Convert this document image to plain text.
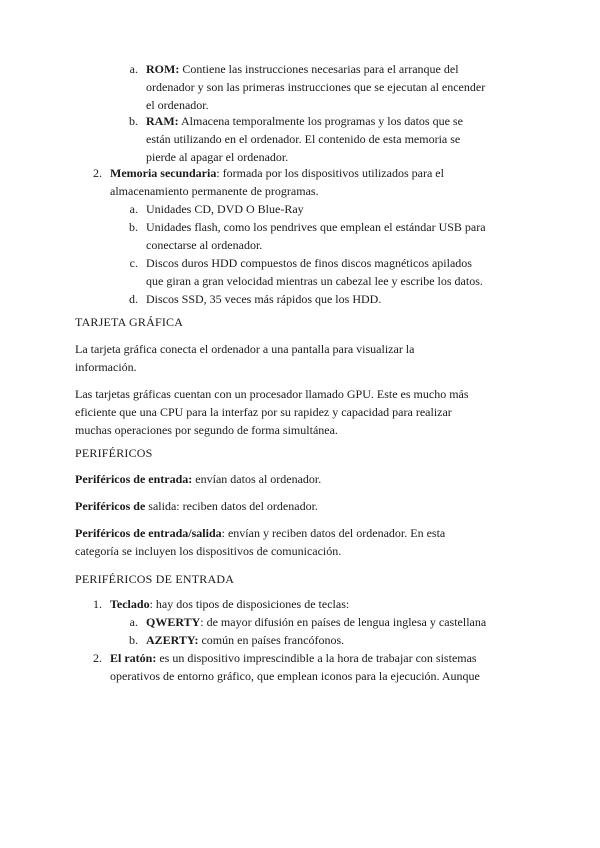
a. ROM: Contiene las instrucciones necesarias para el arranque del
ordenador y son las primeras instrucciones que se ejecutan al encender
el ordenador.
b. RAM: Almacena temporalmente los programas y los datos que se
están utilizando en el ordenador. El contenido de esta memoria se
pierde al apagar el ordenador.
2. Memoria secundaria: formada por los dispositivos utilizados para el
almacenamiento permanente de programas.
a. Unidades CD, DVD O Blue-Ray
b. Unidades flash, como los pendrives que emplean el estándar USB para
conectarse al ordenador.
c. Discos duros HDD compuestos de finos discos magnéticos apilados
que giran a gran velocidad mientras un cabezal lee y escribe los datos.
d. Discos SSD, 35 veces más rápidos que los HDD.
TARJETA GRÁFICA
La tarjeta gráfica conecta el ordenador a una pantalla para visualizar la
información.
Las tarjetas gráficas cuentan con un procesador llamado GPU. Este es mucho más
eficiente que una CPU para la interfaz por su rapidez y capacidad para realizar
muchas operaciones por segundo de forma simultánea.
PERIFÉRICOS
Periféricos de entrada: envían datos al ordenador.
Periféricos de salida: reciben datos del ordenador.
Periféricos de entrada/salida: envían y reciben datos del ordenador. En esta
categoría se incluyen los dispositivos de comunicación.
PERIFÉRICOS DE ENTRADA
1. Teclado: hay dos tipos de disposiciones de teclas:
a. QWERTY: de mayor difusión en países de lengua inglesa y castellana
b. AZERTY: común en países francófonos.
2. El ratón: es un dispositivo imprescindible a la hora de trabajar con sistemas
operativos de entorno gráfico, que emplean iconos para la ejecución. Aunque
